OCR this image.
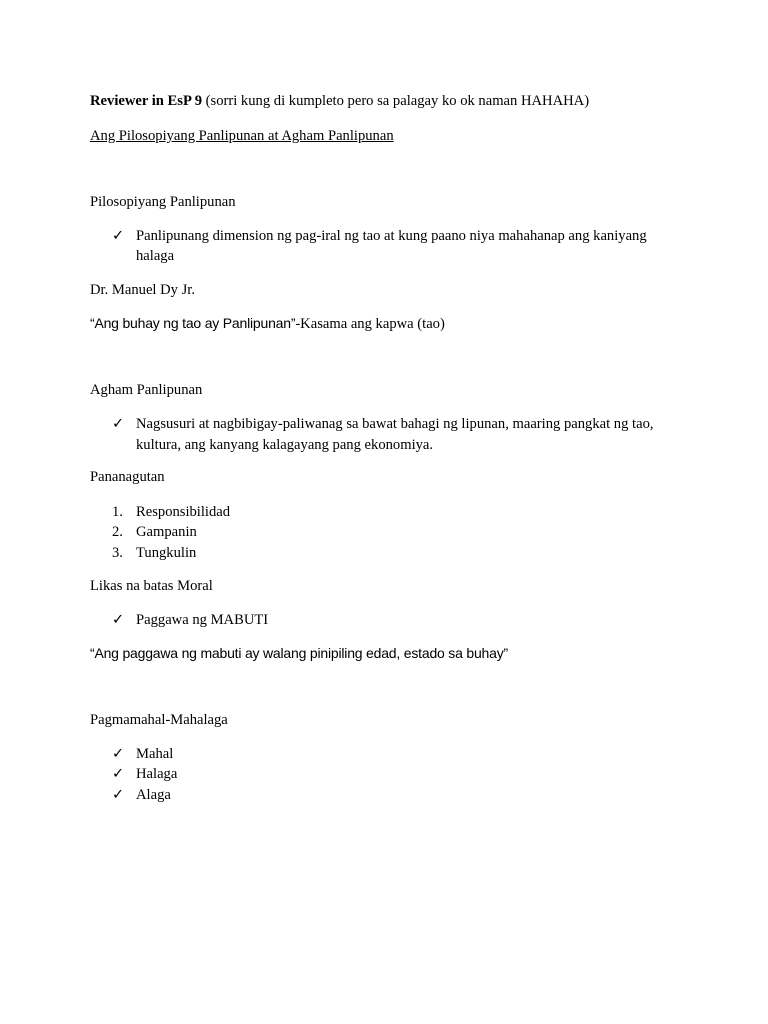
Reviewer in EsP 9 (sorri kung di kumpleto pero sa palagay ko ok naman HAHAHA)
Ang Pilosopiyang Panlipunan at Agham Panlipunan
Pilosopiyang Panlipunan
✓ Panlipunang dimension ng pag-iral ng tao at kung paano niya mahahanap ang kaniyang
halaga
Dr. Manuel Dy Jr.
“Ang buhay ng tao ay Panlipunan”-Kasama ang kapwa (tao)
Agham Panlipunan
✓ Nagsusuri at nagbibigay-paliwanag sa bawat bahagi ng lipunan, maaring pangkat ng tao,
kultura, ang kanyang kalagayang pang ekonomiya.
Pananagutan
1. Responsibilidad
2. Gampanin
3. Tungkulin
Likas na batas Moral
✓ Paggawa ng MABUTI
“Ang paggawa ng mabuti ay walang pinipiling edad, estado sa buhay”
Pagmamahal-Mahalaga
✓ Mahal
✓ Halaga
✓ Alaga
